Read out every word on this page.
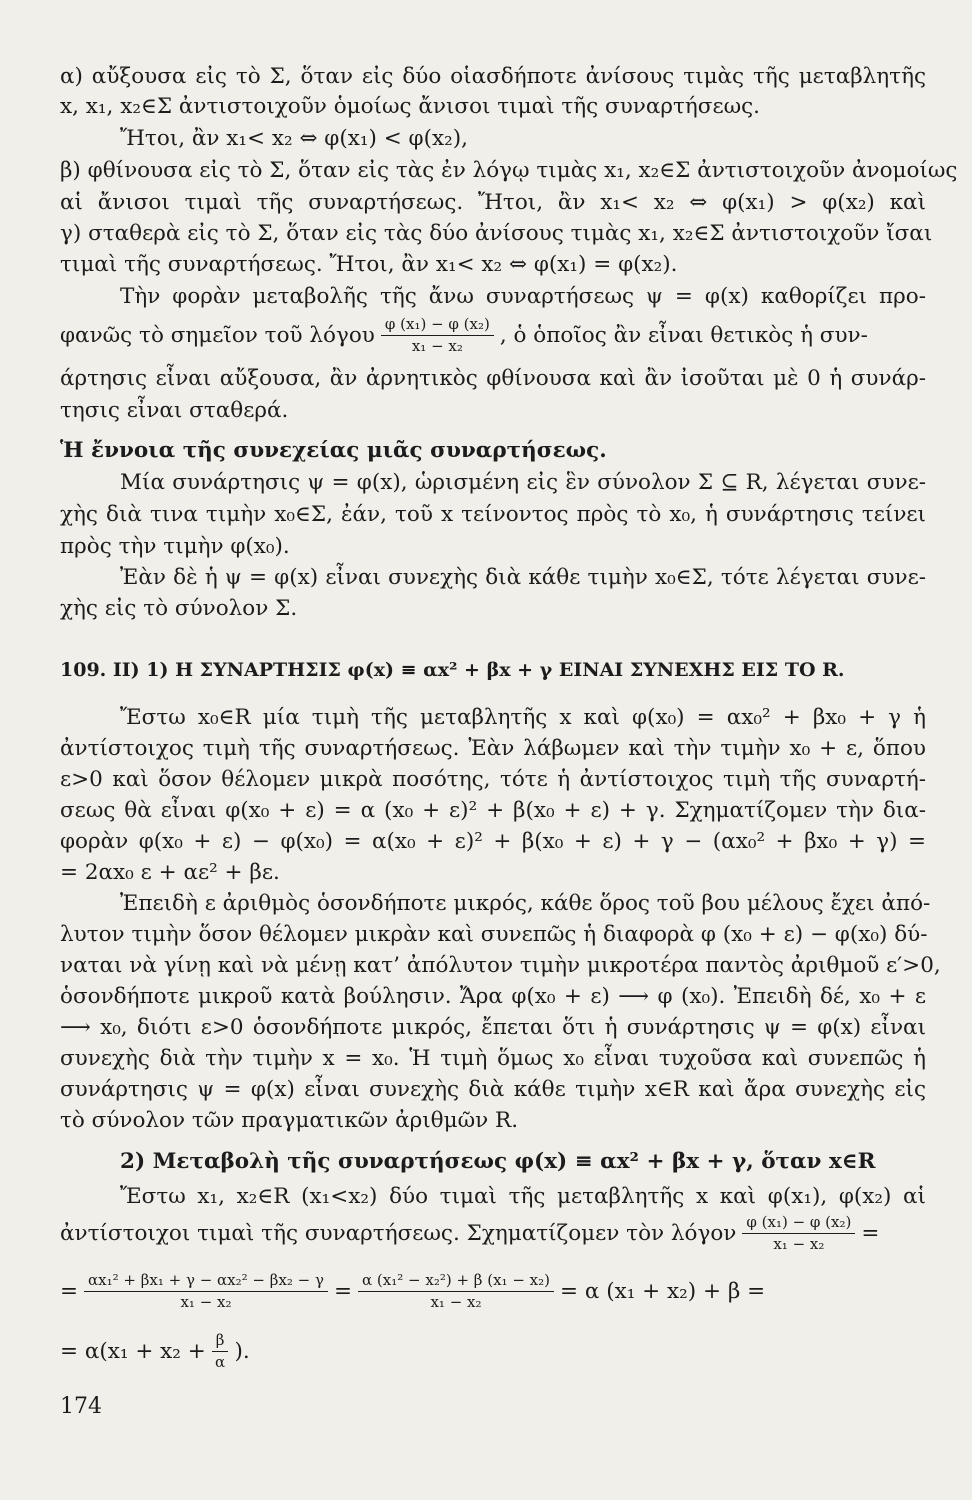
α) αὔξουσα εἰς τὸ Σ, ὅταν εἰς δύο οἱασδήποτε ἀνίσους τιμὰς τῆς μεταβλητῆς
x, x₁, x₂∈Σ ἀντιστοιχοῦν ὁμοίως ἄνισοι τιμαὶ τῆς συναρτήσεως.
Ἤτοι, ἂν x₁< x₂ ⇔ φ(x₁) < φ(x₂),
β) φθίνουσα εἰς τὸ Σ, ὅταν εἰς τὰς ἐν λόγῳ τιμὰς x₁, x₂∈Σ ἀντιστοιχοῦν ἀνομοίως
αἱ ἄνισοι τιμαὶ τῆς συναρτήσεως. Ἤτοι, ἂν x₁< x₂ ⇔ φ(x₁) > φ(x₂) καὶ
γ) σταθερὰ εἰς τὸ Σ, ὅταν εἰς τὰς δύο ἀνίσους τιμὰς x₁, x₂∈Σ ἀντιστοιχοῦν ἴσαι
τιμαὶ τῆς συναρτήσεως. Ἤτοι, ἂν x₁< x₂ ⇔ φ(x₁) = φ(x₂).
Τὴν φορὰν μεταβολῆς τῆς ἄνω συναρτήσεως ψ = φ(x) καθορίζει προ-
φανῶς τὸ σημεῖον τοῦ λόγου $\frac{\text{φ (x₁) − φ (x₂)}}{\text{x₁ − x₂}}$ , ὁ ὁποῖος ἂν εἶναι θετικὸς ἡ συν-
άρτησις εἶναι αὔξουσα, ἂν ἀρνητικὸς φθίνουσα καὶ ἂν ἰσοῦται μὲ 0 ἡ συνάρ-
τησις εἶναι σταθερά.
Ἡ ἔννοια τῆς συνεχείας μιᾶς συναρτήσεως.
Μία συνάρτησις ψ = φ(x), ὡρισμένη εἰς ἓν σύνολον Σ ⊆ R, λέγεται συνε-
χὴς διὰ τινα τιμὴν x₀∈Σ, ἐάν, τοῦ x τείνοντος πρὸς τὸ x₀, ἡ συνάρτησις τείνει
πρὸς τὴν τιμὴν φ(x₀).
Ἐὰν δὲ ἡ ψ = φ(x) εἶναι συνεχὴς διὰ κάθε τιμὴν x₀∈Σ, τότε λέγεται συνε-
χὴς εἰς τὸ σύνολον Σ.
109. ΙΙ) 1) Η ΣΥΝΑΡΤΗΣΙΣ φ(x) ≡ αx² + βx + γ ΕΙΝΑΙ ΣΥΝΕΧΗΣ ΕΙΣ ΤΟ R.
Ἔστω x₀∈R μία τιμὴ τῆς μεταβλητῆς x καὶ φ(x₀) = αx₀² + βx₀ + γ ἡ
ἀντίστοιχος τιμὴ τῆς συναρτήσεως. Ἐὰν λάβωμεν καὶ τὴν τιμὴν x₀ + ε, ὅπου
ε>0 καὶ ὅσον θέλομεν μικρὰ ποσότης, τότε ἡ ἀντίστοιχος τιμὴ τῆς συναρτή-
σεως θὰ εἶναι φ(x₀ + ε) = α (x₀ + ε)² + β(x₀ + ε) + γ. Σχηματίζομεν τὴν δια-
φορὰν φ(x₀ + ε) − φ(x₀) = α(x₀ + ε)² + β(x₀ + ε) + γ − (αx₀² + βx₀ + γ) =
= 2αx₀ ε + αε² + βε.
Ἐπειδὴ ε ἀριθμὸς ὁσονδήποτε μικρός, κάθε ὅρος τοῦ βου μέλους ἔχει ἀπό-
λυτον τιμὴν ὅσον θέλομεν μικρὰν καὶ συνεπῶς ἡ διαφορὰ φ (x₀ + ε) − φ(x₀) δύ-
ναται νὰ γίνῃ καὶ νὰ μένῃ κατ’ ἀπόλυτον τιμὴν μικροτέρα παντὸς ἀριθμοῦ ε′>0,
ὁσονδήποτε μικροῦ κατὰ βούλησιν. Ἄρα φ(x₀ + ε) ⟶ φ (x₀). Ἐπειδὴ δέ, x₀ + ε
⟶ x₀, διότι ε>0 ὁσονδήποτε μικρός, ἔπεται ὅτι ἡ συνάρτησις ψ = φ(x) εἶναι
συνεχὴς διὰ τὴν τιμὴν x = x₀. Ἡ τιμὴ ὅμως x₀ εἶναι τυχοῦσα καὶ συνεπῶς ἡ
συνάρτησις ψ = φ(x) εἶναι συνεχὴς διὰ κάθε τιμὴν x∈R καὶ ἄρα συνεχὴς εἰς
τὸ σύνολον τῶν πραγματικῶν ἀριθμῶν R.
2) Μεταβολὴ τῆς συναρτήσεως φ(x) ≡ αx² + βx + γ, ὅταν x∈R
Ἔστω x₁, x₂∈R (x₁<x₂) δύο τιμαὶ τῆς μεταβλητῆς x καὶ φ(x₁), φ(x₂) αἱ
ἀντίστοιχοι τιμαὶ τῆς συναρτήσεως. Σχηματίζομεν τὸν λόγον $\frac{\text{φ (x₁) − φ (x₂)}}{\text{x₁ − x₂}}$ =
= $\frac{\text{αx₁² + βx₁ + γ − αx₂² − βx₂ − γ}}{\text{x₁ − x₂}} = \frac{\text{α (x₁² − x₂²) + β (x₁ − x₂)}}{\text{x₁ − x₂}} = \alpha$ (x₁ + x₂) + β =
= $\alpha(x_1 + x_2 + \frac{\beta}{\alpha}$ ).
174
